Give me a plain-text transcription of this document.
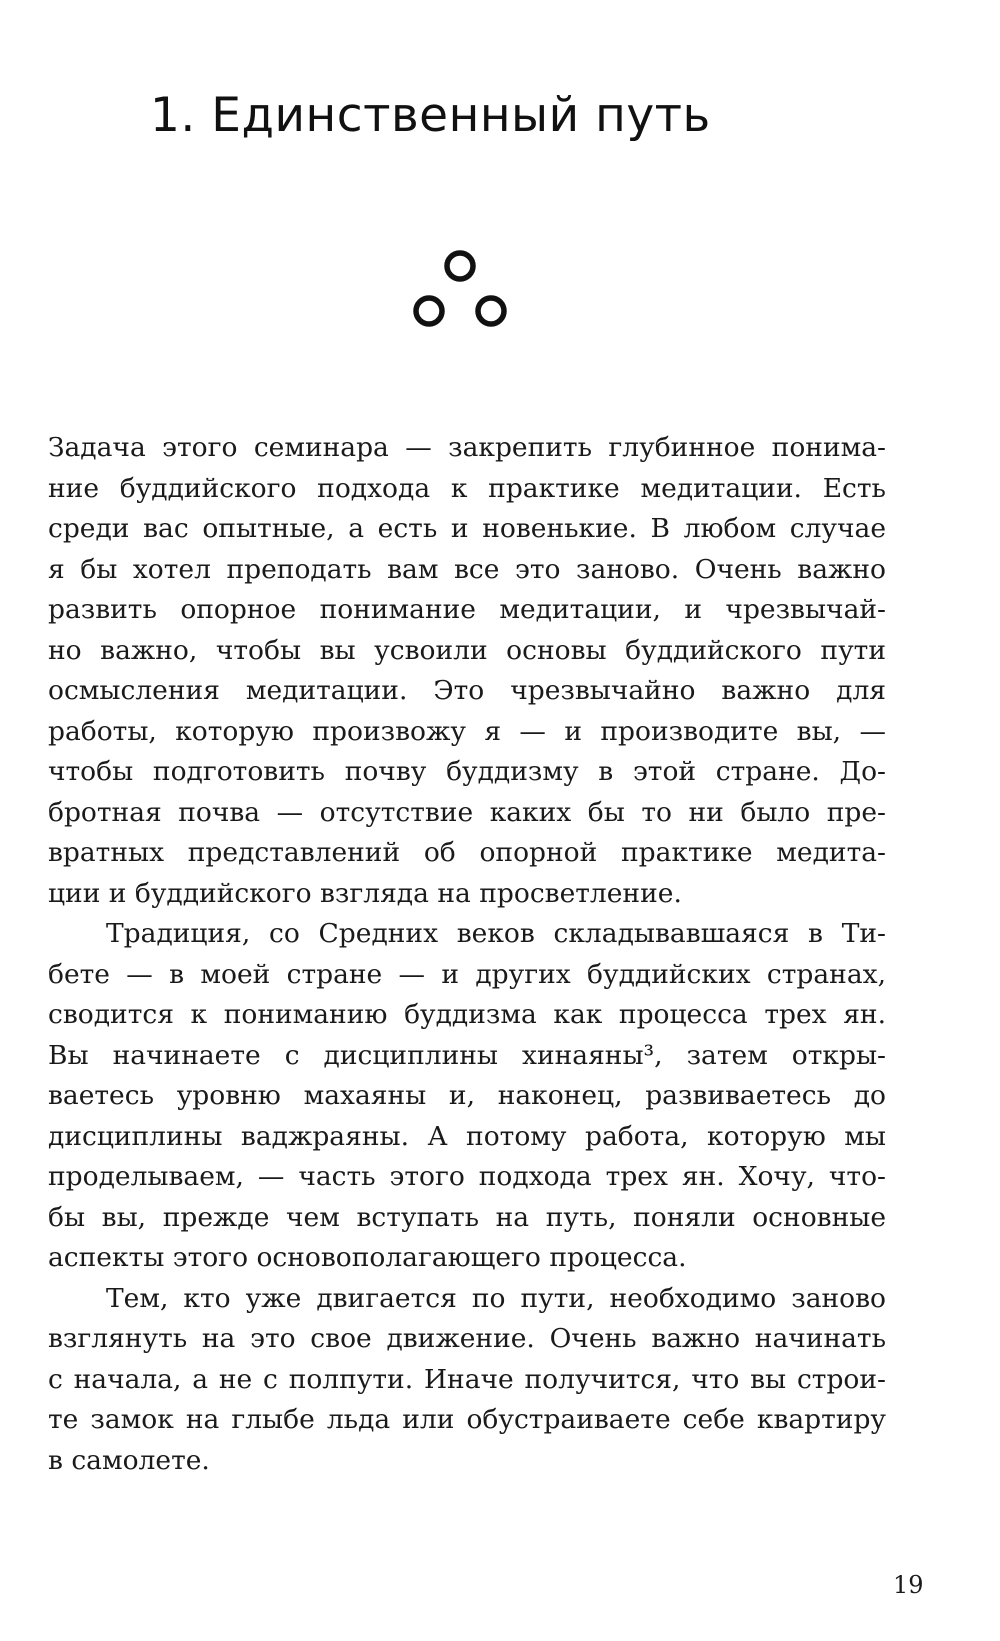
1. Единственный путь

Задача этого семинара — закрепить глубинное понима-
ние буддийского подхода к практике медитации. Есть
среди вас опытные, а есть и новенькие. В любом случае
я бы хотел преподать вам все это заново. Очень важно
развить опорное понимание медитации, и чрезвычай-
но важно, чтобы вы усвоили основы буддийского пути
осмысления медитации. Это чрезвычайно важно для
работы, которую произвожу я — и производите вы, —
чтобы подготовить почву буддизму в этой стране. До-
бротная почва — отсутствие каких бы то ни было пре-
вратных представлений об опорной практике медита-
ции и буддийского взгляда на просветление.

Традиция, со Средних веков складывавшаяся в Ти-
бете — в моей стране — и других буддийских странах,
сводится к пониманию буддизма как процесса трех ян.
Вы начинаете с дисциплины хинаяны³, затем откры-
ваетесь уровню махаяны и, наконец, развиваетесь до
дисциплины ваджраяны. А потому работа, которую мы
проделываем, — часть этого подхода трех ян. Хочу, что-
бы вы, прежде чем вступать на путь, поняли основные
аспекты этого основополагающего процесса.

Тем, кто уже двигается по пути, необходимо заново
взглянуть на это свое движение. Очень важно начинать
с начала, а не с полпути. Иначе получится, что вы строи-
те замок на глыбе льда или обустраиваете себе квартиру
в самолете.

19
